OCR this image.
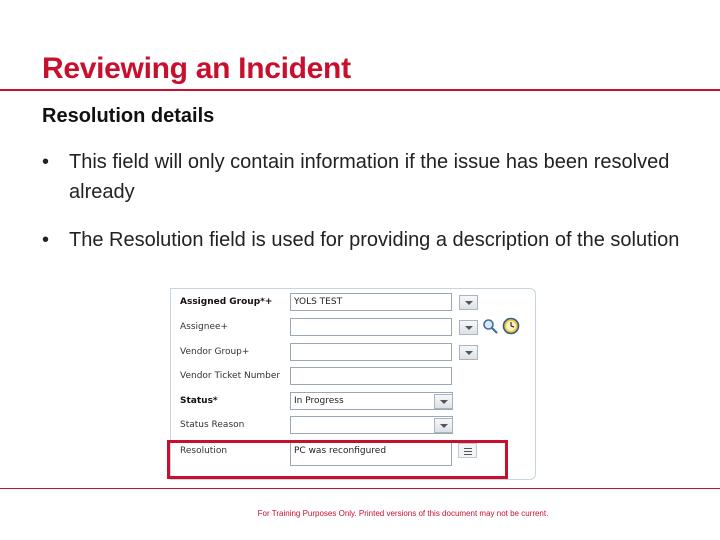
Reviewing an Incident
Resolution details
• This field will only contain information if the issue has been resolved already
• The Resolution field is used for providing a description of the solution
Assigned Group*+	YOLS TEST
Assignee+
Vendor Group+
Vendor Ticket Number
Status*	In Progress
Status Reason
Resolution	PC was reconfigured
For Training Purposes Only. Printed versions of this document may not be current.
